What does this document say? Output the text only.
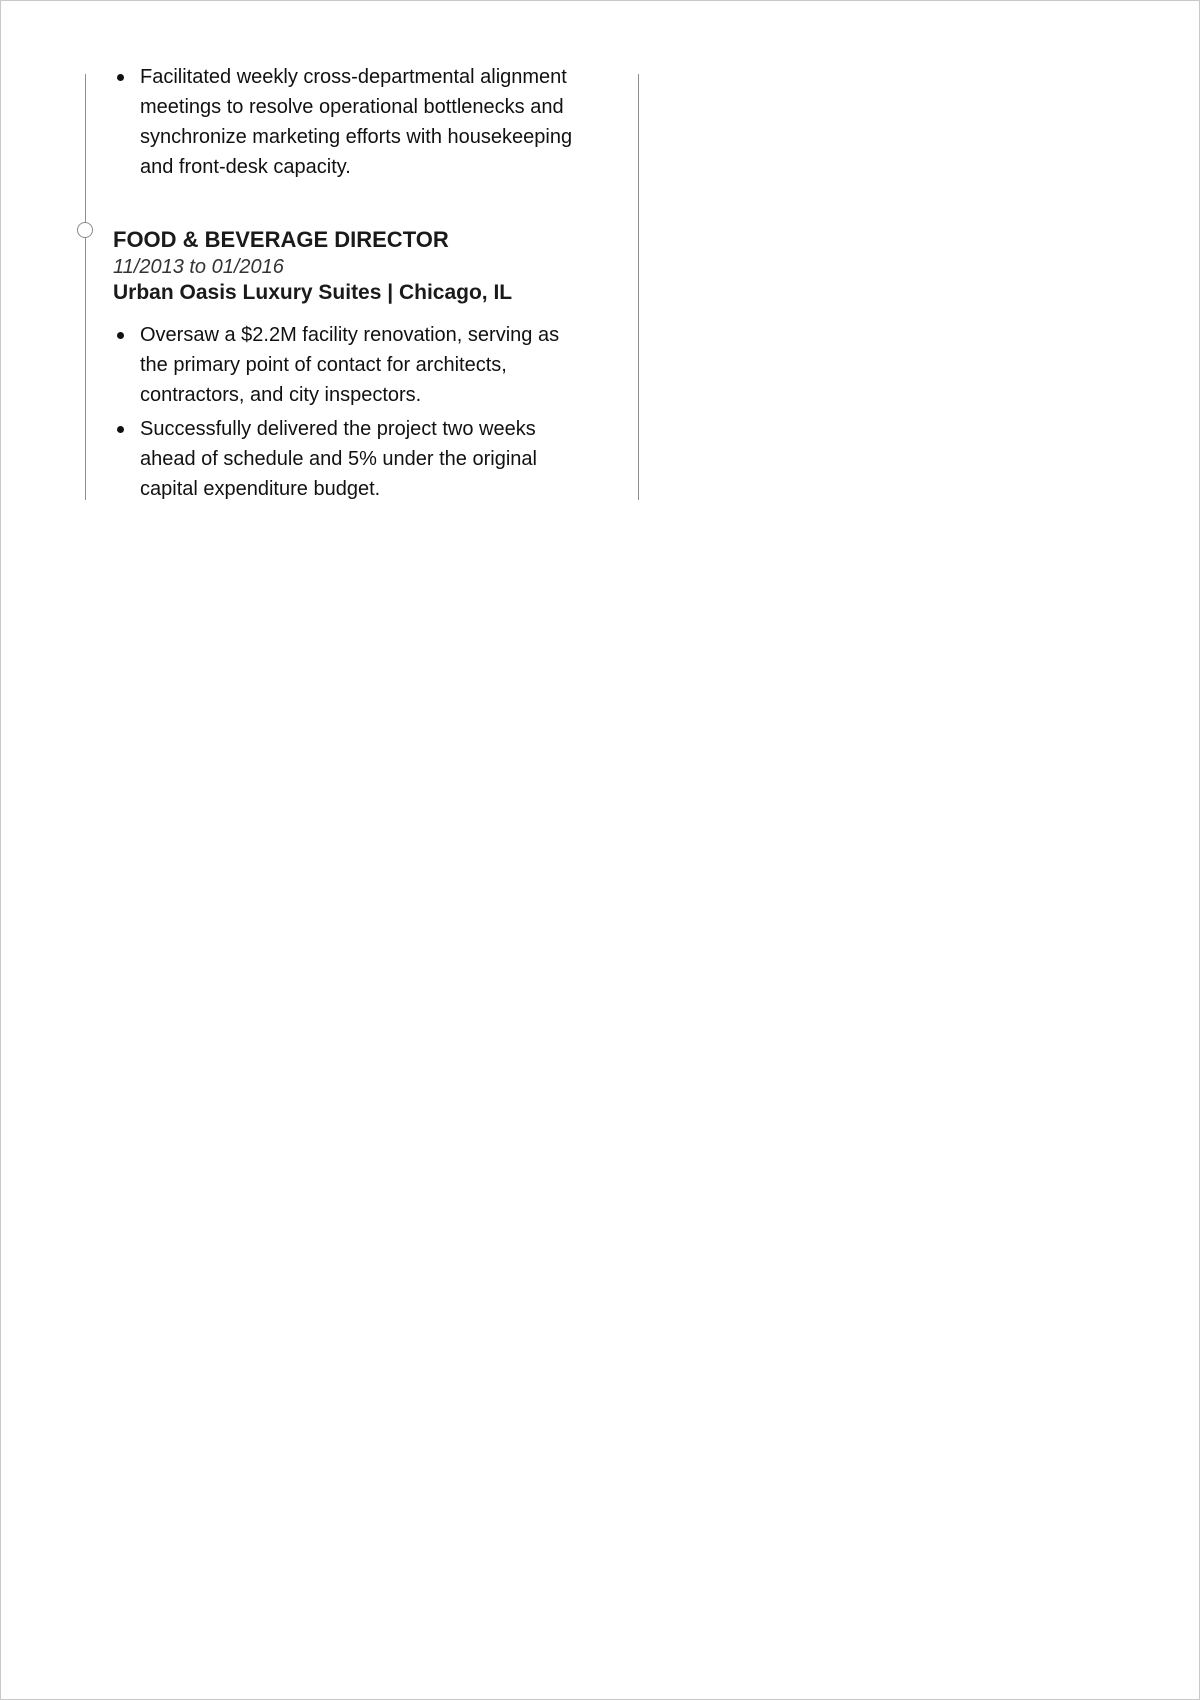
Facilitated weekly cross-departmental alignment meetings to resolve operational bottlenecks and synchronize marketing efforts with housekeeping and front-desk capacity.
FOOD & BEVERAGE DIRECTOR
11/2013 to 01/2016
Urban Oasis Luxury Suites | Chicago, IL
Oversaw a $2.2M facility renovation, serving as the primary point of contact for architects, contractors, and city inspectors.
Successfully delivered the project two weeks ahead of schedule and 5% under the original capital expenditure budget.
